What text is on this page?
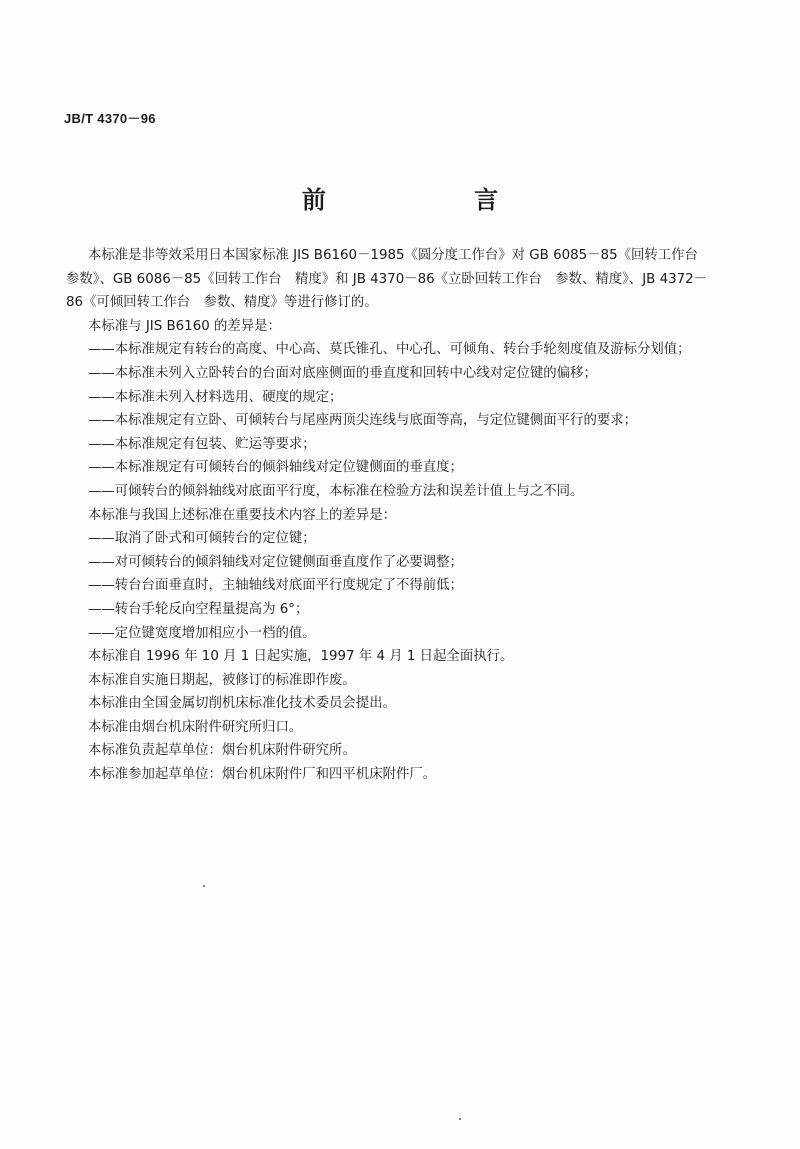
JB/T 4370－96
前 言

本标准是非等效采用日本国家标准 JIS B6160－1985《圆分度工作台》对 GB 6085－85《回转工作台

参数》、GB 6086－85《回转工作台　精度》和 JB 4370－86《立卧回转工作台　参数、精度》、JB 4372－

86《可倾回转工作台　参数、精度》等进行修订的。

本标准与 JIS B6160 的差异是：

——本标准规定有转台的高度、中心高、莫氏锥孔、中心孔、可倾角、转台手轮刻度值及游标分划值；

——本标准未列入立卧转台的台面对底座侧面的垂直度和回转中心线对定位键的偏移；

——本标准未列入材料选用、硬度的规定；

——本标准规定有立卧、可倾转台与尾座两顶尖连线与底面等高，与定位键侧面平行的要求；

——本标准规定有包装、贮运等要求；

——本标准规定有可倾转台的倾斜轴线对定位键侧面的垂直度；

——可倾转台的倾斜轴线对底面平行度，本标准在检验方法和误差计值上与之不同。

本标准与我国上述标准在重要技术内容上的差异是：

——取消了卧式和可倾转台的定位键；

——对可倾转台的倾斜轴线对定位键侧面垂直度作了必要调整；

——转台台面垂直时，主轴轴线对底面平行度规定了不得前低；

——转台手轮反向空程量提高为 6°；

——定位键宽度增加相应小一档的值。

本标准自 1996 年 10 月 1 日起实施，1997 年 4 月 1 日起全面执行。

本标准自实施日期起，被修订的标准即作废。

本标准由全国金属切削机床标准化技术委员会提出。

本标准由烟台机床附件研究所归口。

本标准负责起草单位：烟台机床附件研究所。

本标准参加起草单位：烟台机床附件厂和四平机床附件厂。
